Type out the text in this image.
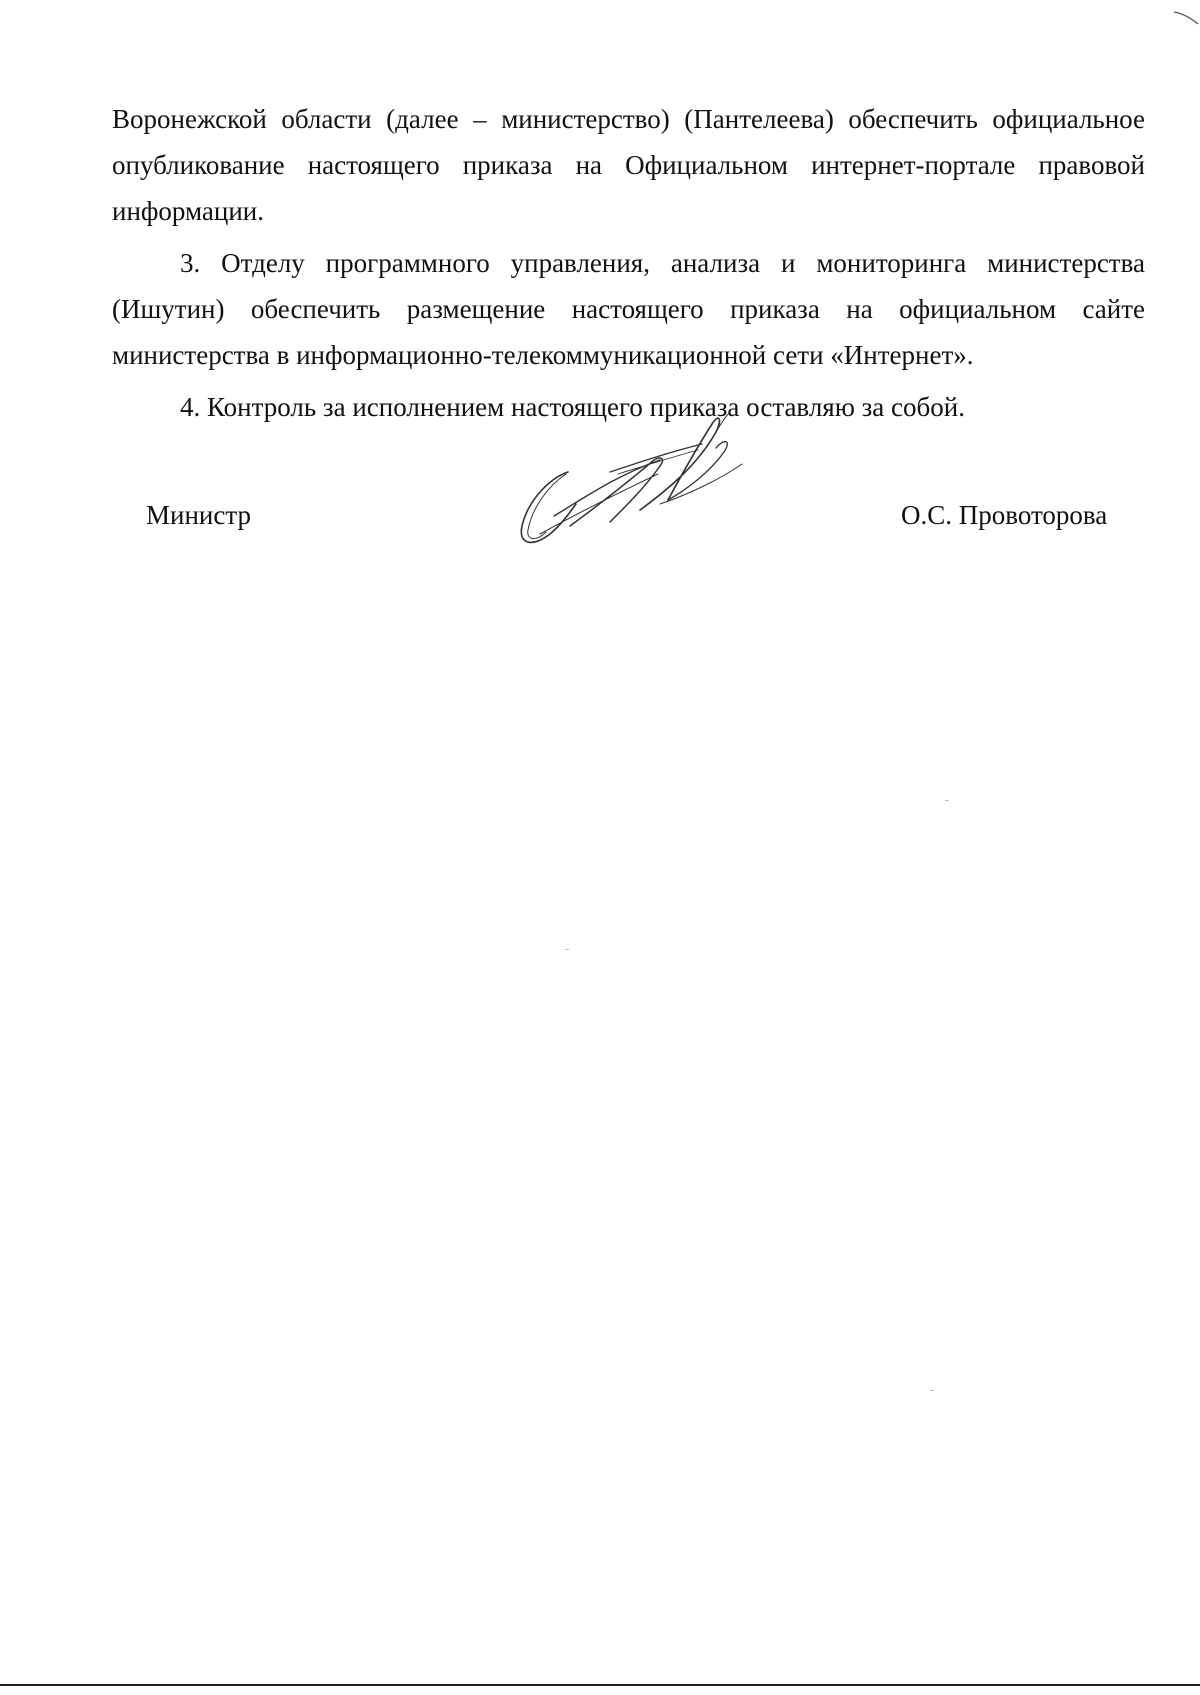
Воронежской области (далее – министерство) (Пантелеева) обеспечить официальное опубликование настоящего приказа на Официальном интернет-портале правовой информации.

3. Отделу программного управления, анализа и мониторинга министерства (Ишутин) обеспечить размещение настоящего приказа на официальном сайте министерства в информационно-телекоммуникационной сети «Интернет».

4. Контроль за исполнением настоящего приказа оставляю за собой.

Министр	О.С. Провоторова
